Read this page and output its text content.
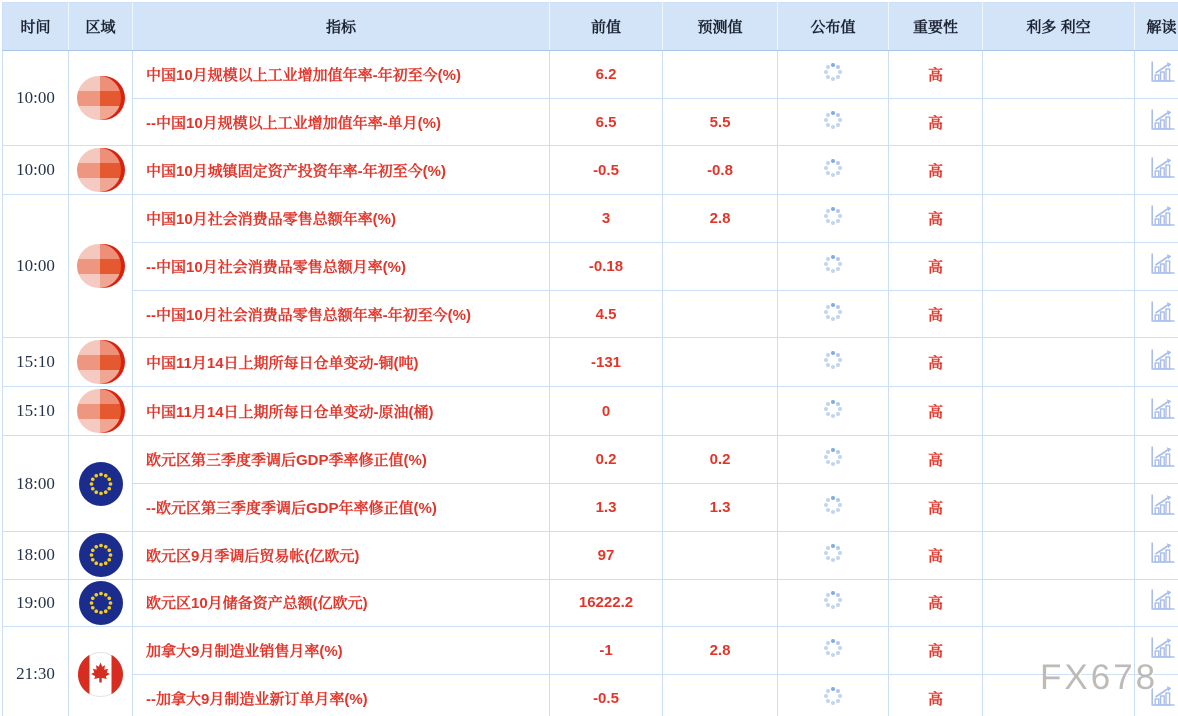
时间	区域	指标	前值	预测值	公布值	重要性	利多 利空	解读
10:00		中国10月规模以上工业增加值年率-年初至今(%)	6.2			高		
		--中国10月规模以上工业增加值年率-单月(%)	6.5	5.5		高		
10:00		中国10月城镇固定资产投资年率-年初至今(%)	-0.5	-0.8		高		
10:00		中国10月社会消费品零售总额年率(%)	3	2.8		高		
		--中国10月社会消费品零售总额月率(%)	-0.18			高		
		--中国10月社会消费品零售总额年率-年初至今(%)	4.5			高		
15:10		中国11月14日上期所每日仓单变动-铜(吨)	-131			高		
15:10		中国11月14日上期所每日仓单变动-原油(桶)	0			高		
18:00		欧元区第三季度季调后GDP季率修正值(%)	0.2	0.2		高		
		--欧元区第三季度季调后GDP年率修正值(%)	1.3	1.3		高		
18:00		欧元区9月季调后贸易帐(亿欧元)	97			高		
19:00		欧元区10月储备资产总额(亿欧元)	16222.2			高		
21:30		加拿大9月制造业销售月率(%)	-1	2.8		高		
		--加拿大9月制造业新订单月率(%)	-0.5			高		
FX678
